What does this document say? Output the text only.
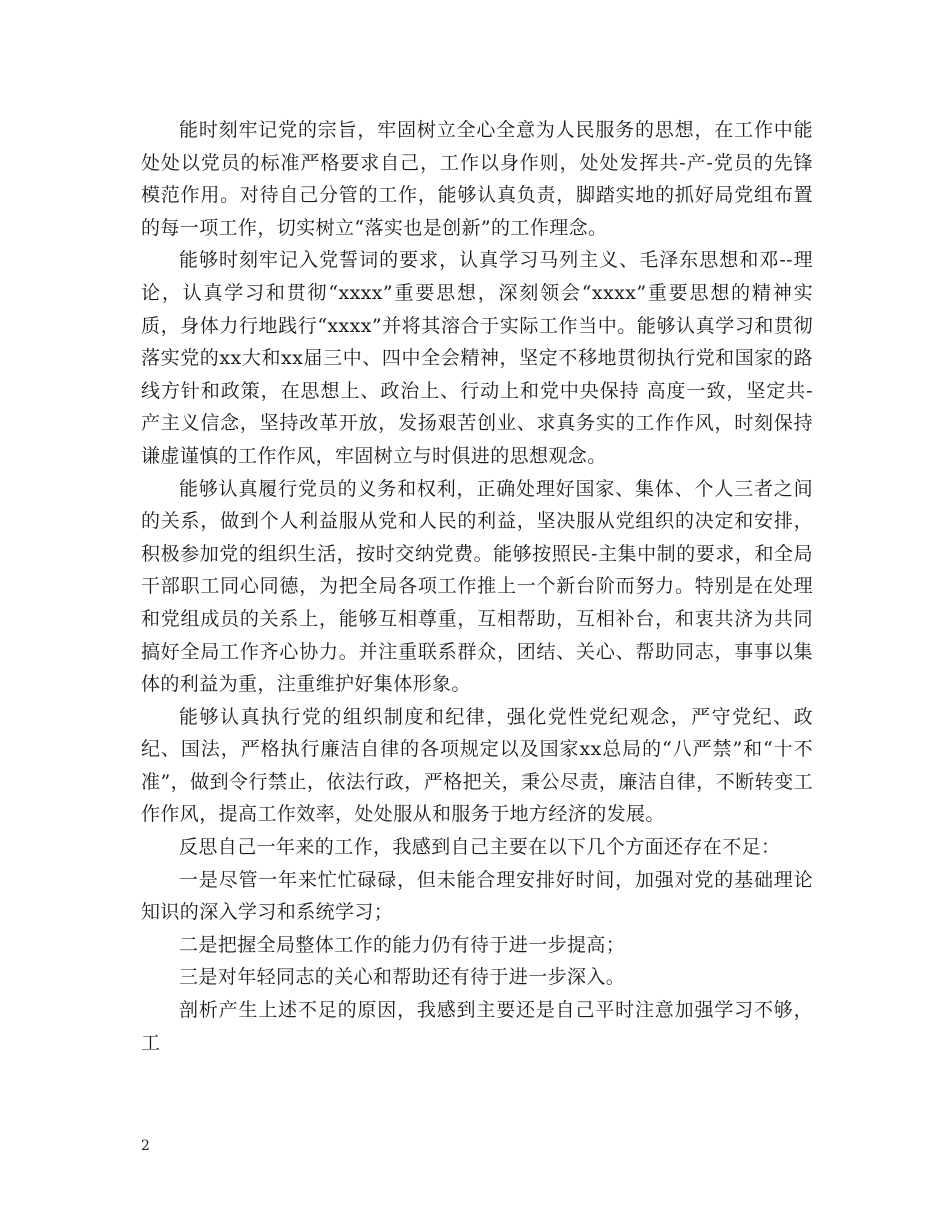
能时刻牢记党的宗旨，牢固树立全心全意为人民服务的思想，在工作中能处处以党员的标准严格要求自己，工作以身作则，处处发挥共-产-党员的先锋模范作用。对待自己分管的工作，能够认真负责，脚踏实地的抓好局党组布置的每一项工作，切实树立“落实也是创新”的工作理念。

能够时刻牢记入党誓词的要求，认真学习马列主义、毛泽东思想和邓--理论，认真学习和贯彻“xxxx”重要思想，深刻领会“xxxx”重要思想的精神实质，身体力行地践行“xxxx”并将其溶合于实际工作当中。能够认真学习和贯彻落实党的xx大和xx届三中、四中全会精神，坚定不移地贯彻执行党和国家的路线方针和政策，在思想上、政治上、行动上和党中央保持 高度一致，坚定共-产主义信念，坚持改革开放，发扬艰苦创业、求真务实的工作作风，时刻保持谦虚谨慎的工作作风，牢固树立与时俱进的思想观念。

能够认真履行党员的义务和权利，正确处理好国家、集体、个人三者之间的关系，做到个人利益服从党和人民的利益，坚决服从党组织的决定和安排，积极参加党的组织生活，按时交纳党费。能够按照民-主集中制的要求，和全局干部职工同心同德，为把全局各项工作推上一个新台阶而努力。特别是在处理和党组成员的关系上，能够互相尊重，互相帮助，互相补台，和衷共济为共同搞好全局工作齐心协力。并注重联系群众，团结、关心、帮助同志，事事以集体的利益为重，注重维护好集体形象。

能够认真执行党的组织制度和纪律，强化党性党纪观念，严守党纪、政纪、国法，严格执行廉洁自律的各项规定以及国家xx总局的“八严禁”和“十不准”，做到令行禁止，依法行政，严格把关，秉公尽责，廉洁自律，不断转变工作作风，提高工作效率，处处服从和服务于地方经济的发展。

反思自己一年来的工作，我感到自己主要在以下几个方面还存在不足：

一是尽管一年来忙忙碌碌，但未能合理安排好时间，加强对党的基础理论知识的深入学习和系统学习；

二是把握全局整体工作的能力仍有待于进一步提高；

三是对年轻同志的关心和帮助还有待于进一步深入。

剖析产生上述不足的原因，我感到主要还是自己平时注意加强学习不够，工

2
